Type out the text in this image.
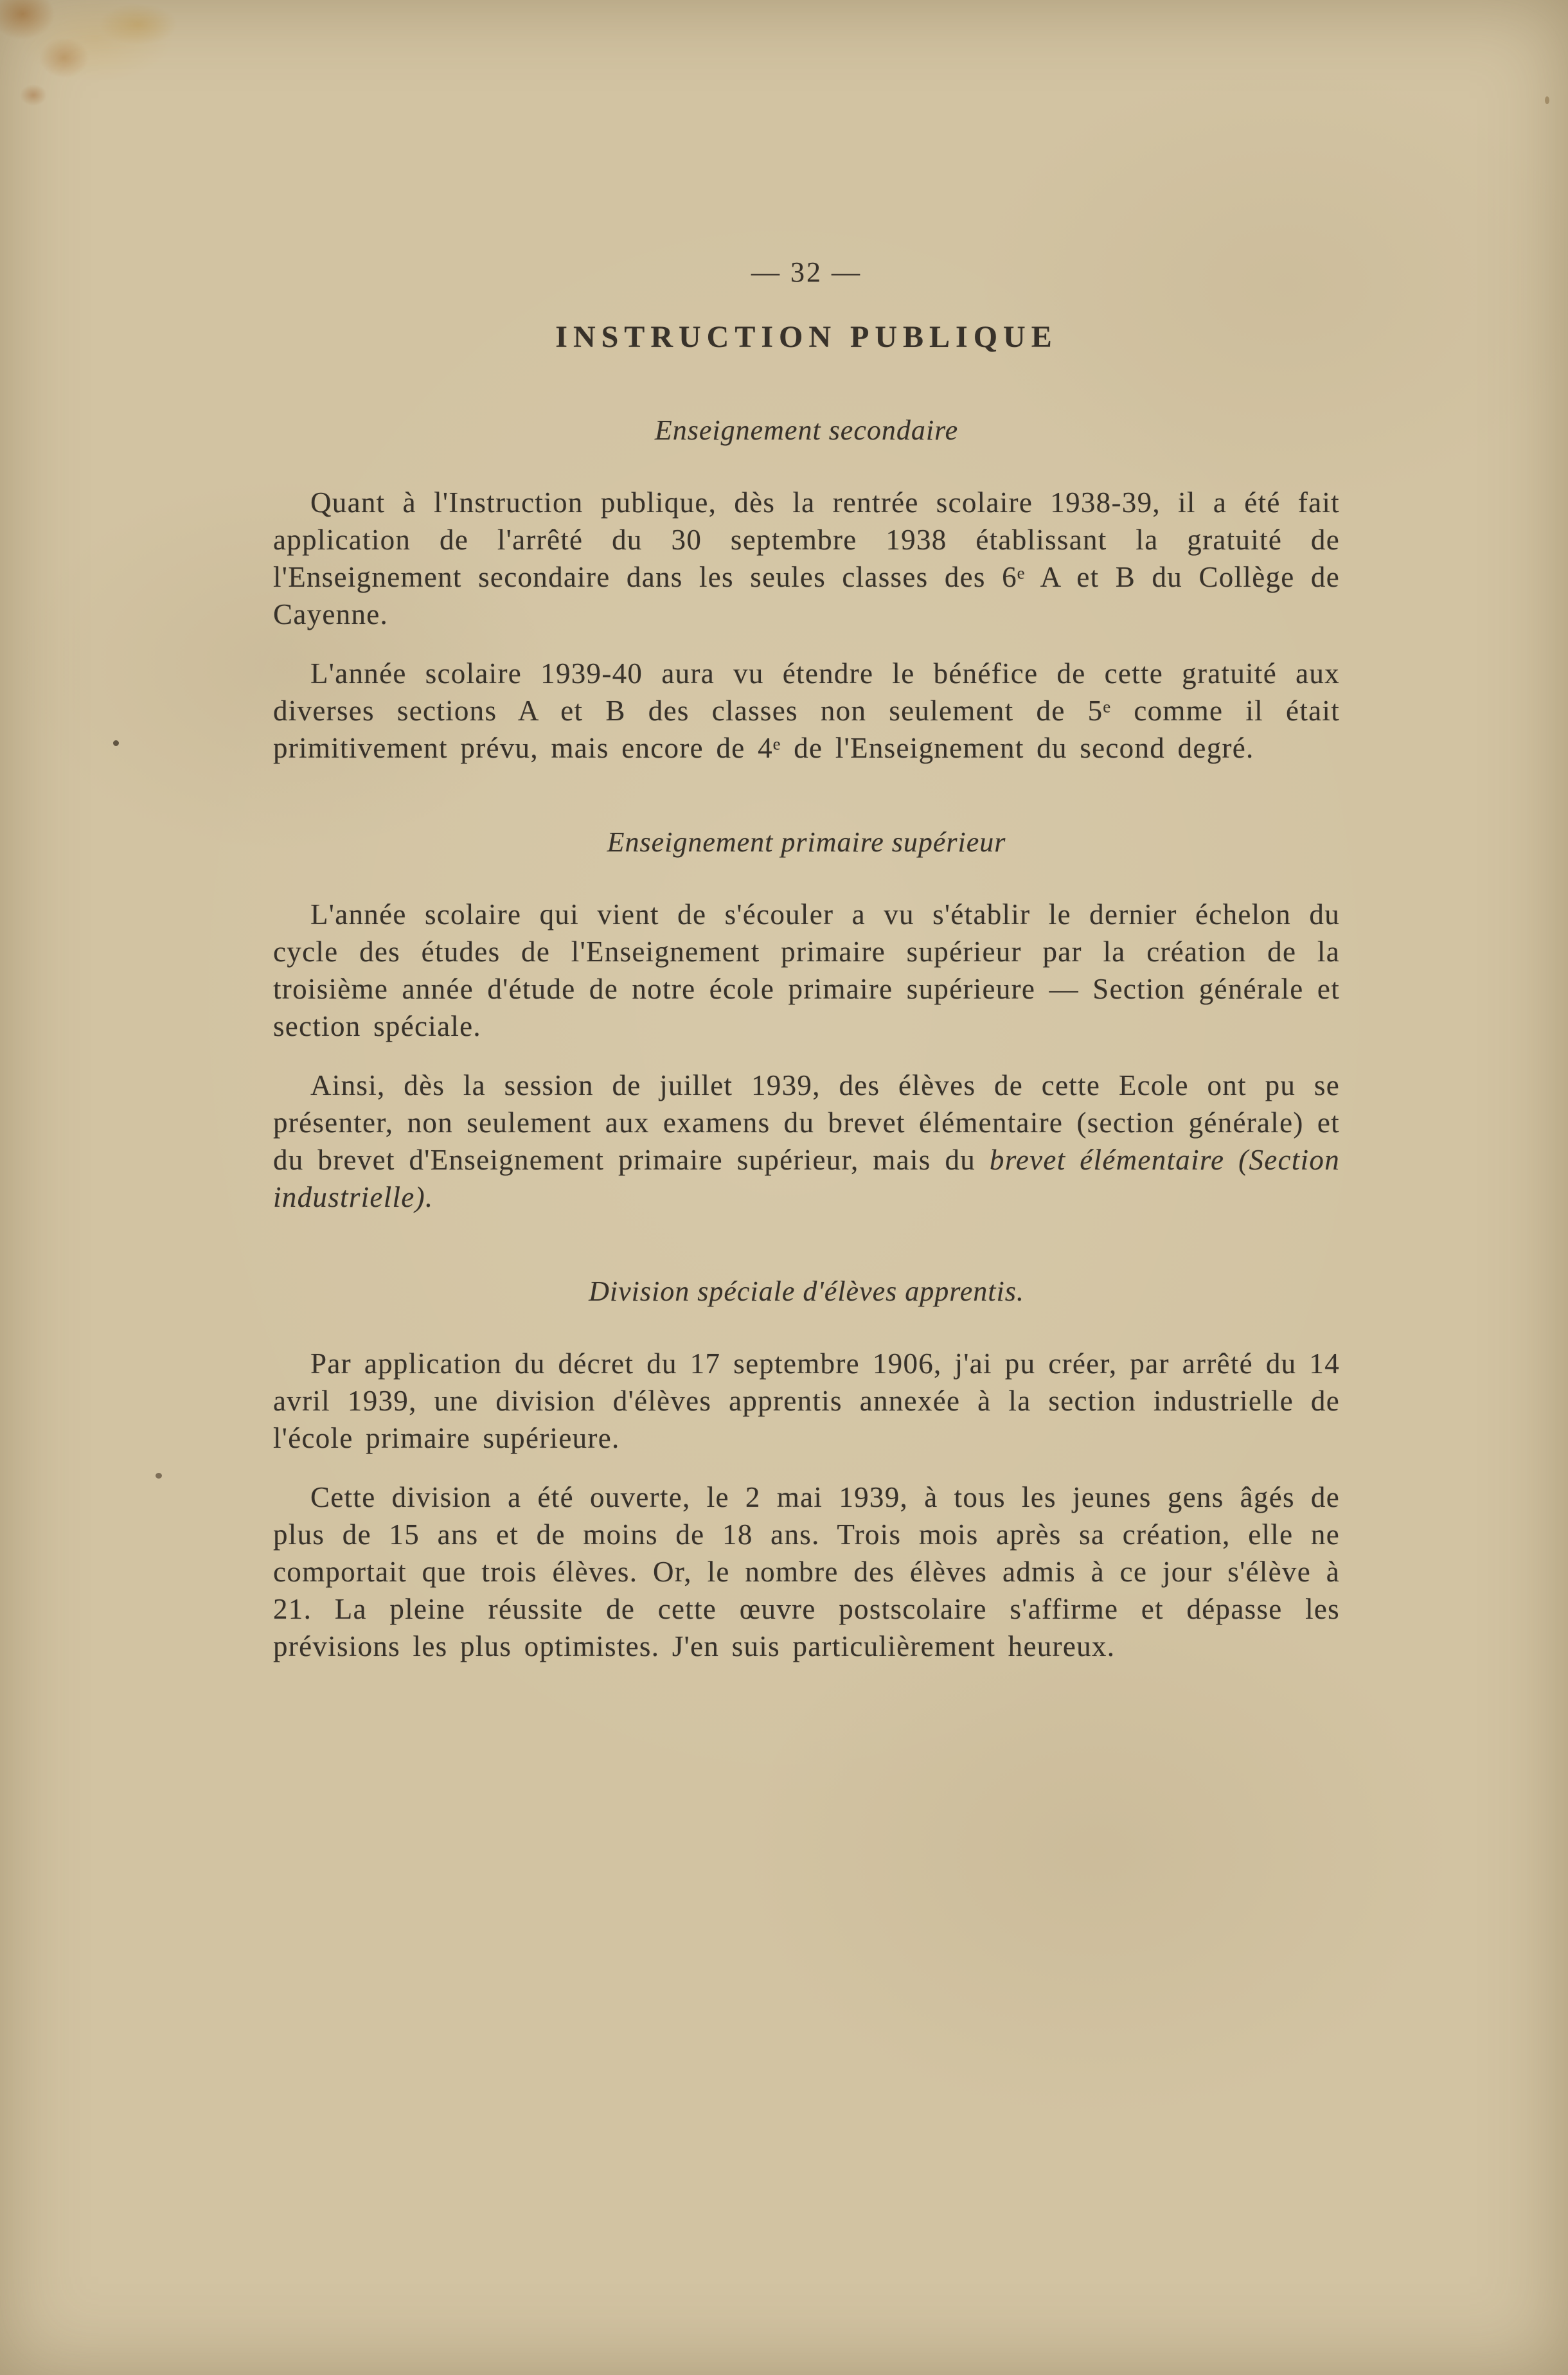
— 32 —
INSTRUCTION PUBLIQUE
Enseignement secondaire

Quant à l'Instruction publique, dès la rentrée scolaire 1938-39, il a été fait application de l'arrêté du 30 septembre 1938 établissant la gratuité de l'Enseignement secondaire dans les seules classes des 6ᵉ A et B du Collège de Cayenne.

L'année scolaire 1939-40 aura vu étendre le bénéfice de cette gratuité aux diverses sections A et B des classes non seulement de 5ᵉ comme il était primitivement prévu, mais encore de 4ᵉ de l'Enseignement du second degré.

Enseignement primaire supérieur

L'année scolaire qui vient de s'écouler a vu s'établir le dernier échelon du cycle des études de l'Enseignement primaire supérieur par la création de la troisième année d'étude de notre école primaire supérieure — Section générale et section spéciale.

Ainsi, dès la session de juillet 1939, des élèves de cette Ecole ont pu se présenter, non seulement aux examens du brevet élémentaire (section générale) et du brevet d'Enseignement primaire supérieur, mais du brevet élémentaire (Section industrielle).

Division spéciale d'élèves apprentis.

Par application du décret du 17 septembre 1906, j'ai pu créer, par arrêté du 14 avril 1939, une division d'élèves apprentis annexée à la section industrielle de l'école primaire supérieure.

Cette division a été ouverte, le 2 mai 1939, à tous les jeunes gens âgés de plus de 15 ans et de moins de 18 ans. Trois mois après sa création, elle ne comportait que trois élèves. Or, le nombre des élèves admis à ce jour s'élève à 21. La pleine réussite de cette œuvre postscolaire s'affirme et dépasse les prévisions les plus optimistes. J'en suis particulièrement heureux.
